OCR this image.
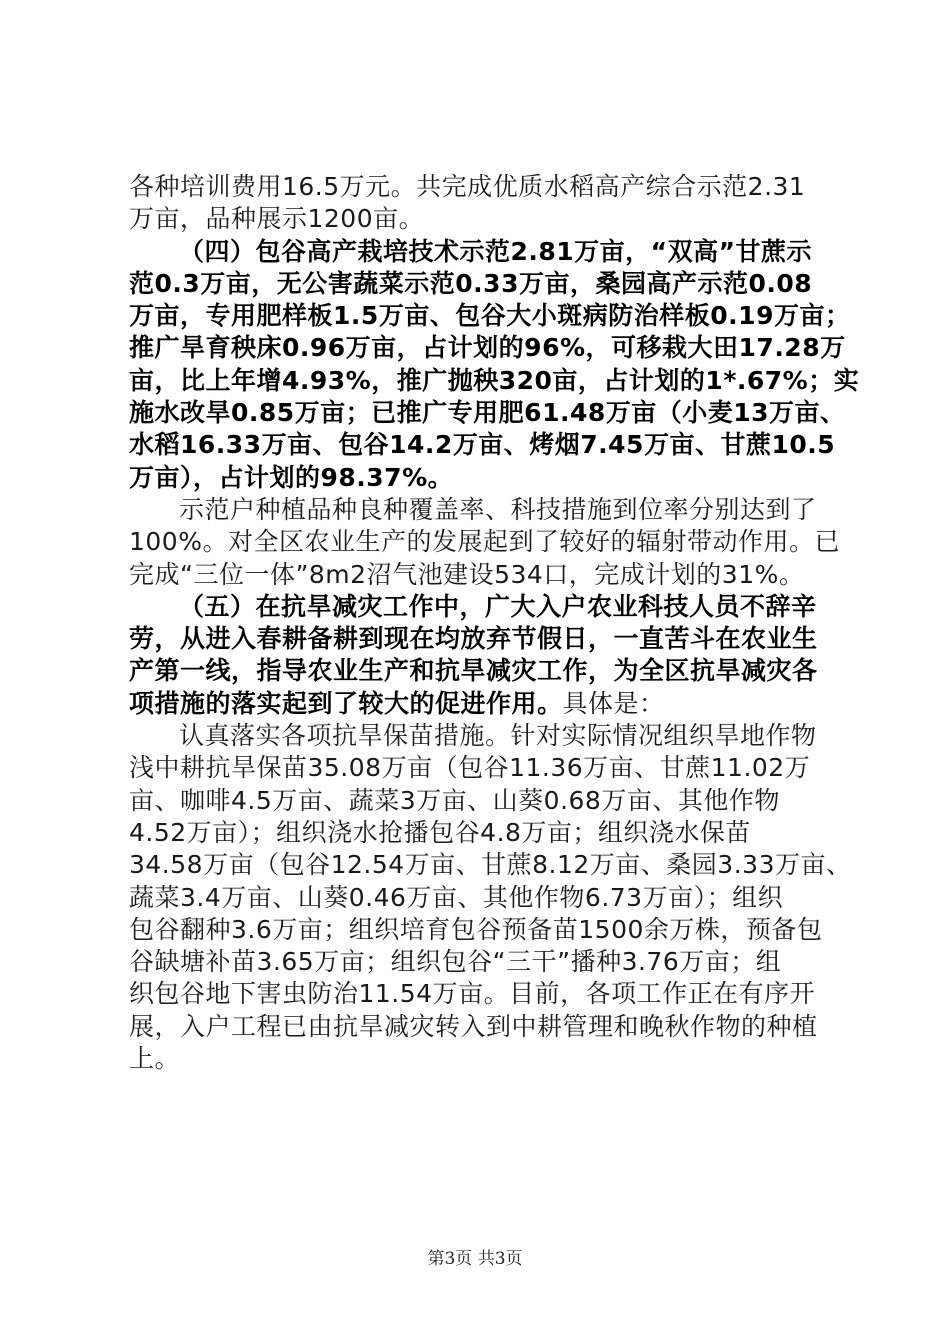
各种培训费用16.5万元。共完成优质水稻高产综合示范2.31
万亩，品种展示1200亩。
（四）包谷高产栽培技术示范2.81万亩，“双高”甘蔗示
范0.3万亩，无公害蔬菜示范0.33万亩，桑园高产示范0.08
万亩，专用肥样板1.5万亩、包谷大小斑病防治样板0.19万亩；
推广旱育秧床0.96万亩，占计划的96%，可移栽大田17.28万
亩，比上年增4.93%，推广抛秧320亩，占计划的1*.67%；实
施水改旱0.85万亩；已推广专用肥61.48万亩（小麦13万亩、
水稻16.33万亩、包谷14.2万亩、烤烟7.45万亩、甘蔗10.5
万亩），占计划的98.37%。
示范户种植品种良种覆盖率、科技措施到位率分别达到了
100%。对全区农业生产的发展起到了较好的辐射带动作用。已
完成“三位一体”8m2沼气池建设534口，完成计划的31%。
（五）在抗旱减灾工作中，广大入户农业科技人员不辞辛
劳，从进入春耕备耕到现在均放弃节假日，一直苦斗在农业生
产第一线，指导农业生产和抗旱减灾工作，为全区抗旱减灾各
项措施的落实起到了较大的促进作用。具体是：
认真落实各项抗旱保苗措施。针对实际情况组织旱地作物
浅中耕抗旱保苗35.08万亩（包谷11.36万亩、甘蔗11.02万
亩、咖啡4.5万亩、蔬菜3万亩、山葵0.68万亩、其他作物
4.52万亩）；组织浇水抢播包谷4.8万亩；组织浇水保苗
34.58万亩（包谷12.54万亩、甘蔗8.12万亩、桑园3.33万亩、
蔬菜3.4万亩、山葵0.46万亩、其他作物6.73万亩）；组织
包谷翻种3.6万亩；组织培育包谷预备苗1500余万株，预备包
谷缺塘补苗3.65万亩；组织包谷“三干”播种3.76万亩；组
织包谷地下害虫防治11.54万亩。目前，各项工作正在有序开
展，入户工程已由抗旱减灾转入到中耕管理和晚秋作物的种植
上。
第3页 共3页
